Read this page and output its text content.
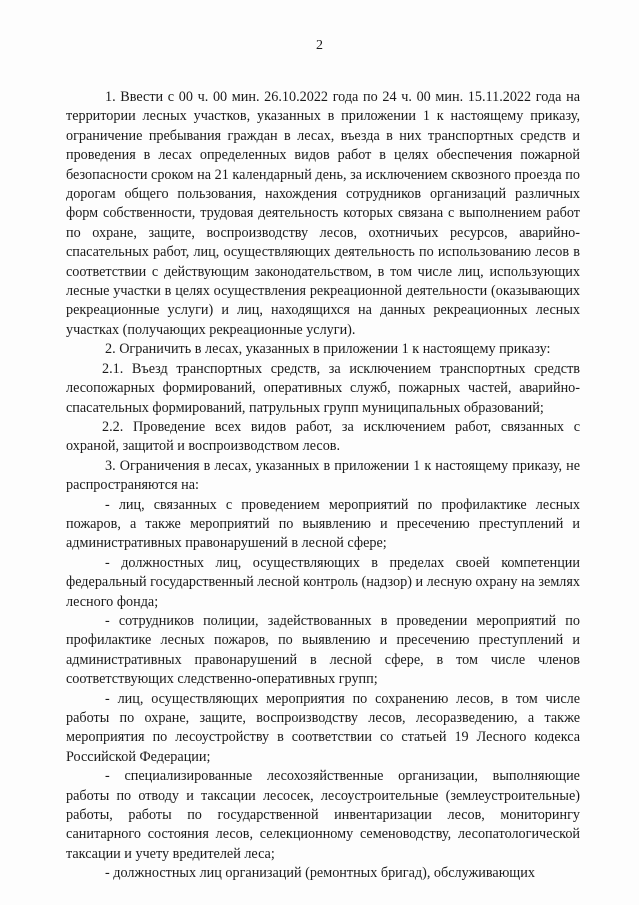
2

1. Ввести с 00 ч. 00 мин. 26.10.2022 года по 24 ч. 00 мин. 15.11.2022 года на территории лесных участков, указанных в приложении 1 к настоящему приказу, ограничение пребывания граждан в лесах, въезда в них транспортных средств и проведения в лесах определенных видов работ в целях обеспечения пожарной безопасности сроком на 21 календарный день, за исключением сквозного проезда по дорогам общего пользования, нахождения сотрудников организаций различных форм собственности, трудовая деятельность которых связана с выполнением работ по охране, защите, воспроизводству лесов, охотничьих ресурсов, аварийно-спасательных работ, лиц, осуществляющих деятельность по использованию лесов в соответствии с действующим законодательством, в том числе лиц, использующих лесные участки в целях осуществления рекреационной деятельности (оказывающих рекреационные услуги) и лиц, находящихся на данных рекреационных лесных участках (получающих рекреационные услуги).

2. Ограничить в лесах, указанных в приложении 1 к настоящему приказу:

2.1. Въезд транспортных средств, за исключением транспортных средств лесопожарных формирований, оперативных служб, пожарных частей, аварийно-спасательных формирований, патрульных групп муниципальных образований;

2.2. Проведение всех видов работ, за исключением работ, связанных с охраной, защитой и воспроизводством лесов.

3. Ограничения в лесах, указанных в приложении 1 к настоящему приказу, не распространяются на:

- лиц, связанных с проведением мероприятий по профилактике лесных пожаров, а также мероприятий по выявлению и пресечению преступлений и административных правонарушений в лесной сфере;

- должностных лиц, осуществляющих в пределах своей компетенции федеральный государственный лесной контроль (надзор) и лесную охрану на землях лесного фонда;

- сотрудников полиции, задействованных в проведении мероприятий по профилактике лесных пожаров, по выявлению и пресечению преступлений и административных правонарушений в лесной сфере, в том числе членов соответствующих следственно-оперативных групп;

- лиц, осуществляющих мероприятия по сохранению лесов, в том числе работы по охране, защите, воспроизводству лесов, лесоразведению, а также мероприятия по лесоустройству в соответствии со статьей 19 Лесного кодекса Российской Федерации;

- специализированные лесохозяйственные организации, выполняющие работы по отводу и таксации лесосек, лесоустроительные (землеустроительные) работы, работы по государственной инвентаризации лесов, мониторингу санитарного состояния лесов, селекционному семеноводству, лесопатологической таксации и учету вредителей леса;

- должностных лиц организаций (ремонтных бригад), обслуживающих
